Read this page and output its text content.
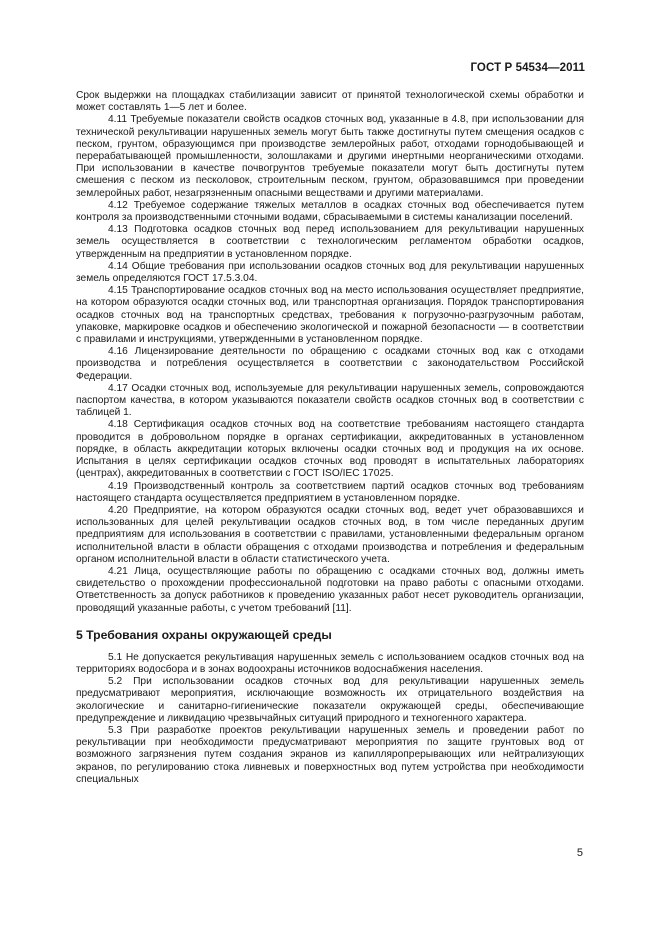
ГОСТ Р 54534—2011

Срок выдержки на площадках стабилизации зависит от принятой технологической схемы обработки и может составлять 1—5 лет и более.

4.11 Требуемые показатели свойств осадков сточных вод, указанные в 4.8, при использовании для технической рекультивации нарушенных земель могут быть также достигнуты путем смещения осадков с песком, грунтом, образующимся при производстве землеройных работ, отходами горнодобывающей и перерабатывающей промышленности, золошлаками и другими инертными неорганическими отходами. При использовании в качестве почвогрунтов требуемые показатели могут быть достигнуты путем смешения с песком из песколовок, строительным песком, грунтом, образовавшимся при проведении землеройных работ, незагрязненным опасными веществами и другими материалами.

4.12 Требуемое содержание тяжелых металлов в осадках сточных вод обеспечивается путем контроля за производственными сточными водами, сбрасываемыми в системы канализации поселений.

4.13 Подготовка осадков сточных вод перед использованием для рекультивации нарушенных земель осуществляется в соответствии с технологическим регламентом обработки осадков, утвержденным на предприятии в установленном порядке.

4.14 Общие требования при использовании осадков сточных вод для рекультивации нарушенных земель определяются ГОСТ 17.5.3.04.

4.15 Транспортирование осадков сточных вод на место использования осуществляет предприятие, на котором образуются осадки сточных вод, или транспортная организация. Порядок транспортирования осадков сточных вод на транспортных средствах, требования к погрузочно-разгрузочным работам, упаковке, маркировке осадков и обеспечению экологической и пожарной безопасности — в соответствии с правилами и инструкциями, утвержденными в установленном порядке.

4.16 Лицензирование деятельности по обращению с осадками сточных вод как с отходами производства и потребления осуществляется в соответствии с законодательством Российской Федерации.

4.17 Осадки сточных вод, используемые для рекультивации нарушенных земель, сопровождаются паспортом качества, в котором указываются показатели свойств осадков сточных вод в соответствии с таблицей 1.

4.18 Сертификация осадков сточных вод на соответствие требованиям настоящего стандарта проводится в добровольном порядке в органах сертификации, аккредитованных в установленном порядке, в область аккредитации которых включены осадки сточных вод и продукция на их основе. Испытания в целях сертификации осадков сточных вод проводят в испытательных лабораториях (центрах), аккредитованных в соответствии с ГОСТ ISO/IEC 17025.

4.19 Производственный контроль за соответствием партий осадков сточных вод требованиям настоящего стандарта осуществляется предприятием в установленном порядке.

4.20 Предприятие, на котором образуются осадки сточных вод, ведет учет образовавшихся и использованных для целей рекультивации осадков сточных вод, в том числе переданных другим предприятиям для использования в соответствии с правилами, установленными федеральным органом исполнительной власти в области обращения с отходами производства и потребления и федеральным органом исполнительной власти в области статистического учета.

4.21 Лица, осуществляющие работы по обращению с осадками сточных вод, должны иметь свидетельство о прохождении профессиональной подготовки на право работы с опасными отходами. Ответственность за допуск работников к проведению указанных работ несет руководитель организации, проводящий указанные работы, с учетом требований [11].

5 Требования охраны окружающей среды

5.1 Не допускается рекультивация нарушенных земель с использованием осадков сточных вод на территориях водосбора и в зонах водоохраны источников водоснабжения населения.

5.2 При использовании осадков сточных вод для рекультивации нарушенных земель предусматривают мероприятия, исключающие возможность их отрицательного воздействия на экологические и санитарно-гигиенические показатели окружающей среды, обеспечивающие предупреждение и ликвидацию чрезвычайных ситуаций природного и техногенного характера.

5.3 При разработке проектов рекультивации нарушенных земель и проведении работ по рекультивации при необходимости предусматривают мероприятия по защите грунтовых вод от возможного загрязнения путем создания экранов из капилляропрерывающих или нейтрализующих экранов, по регулированию стока ливневых и поверхностных вод путем устройства при необходимости специальных

5
